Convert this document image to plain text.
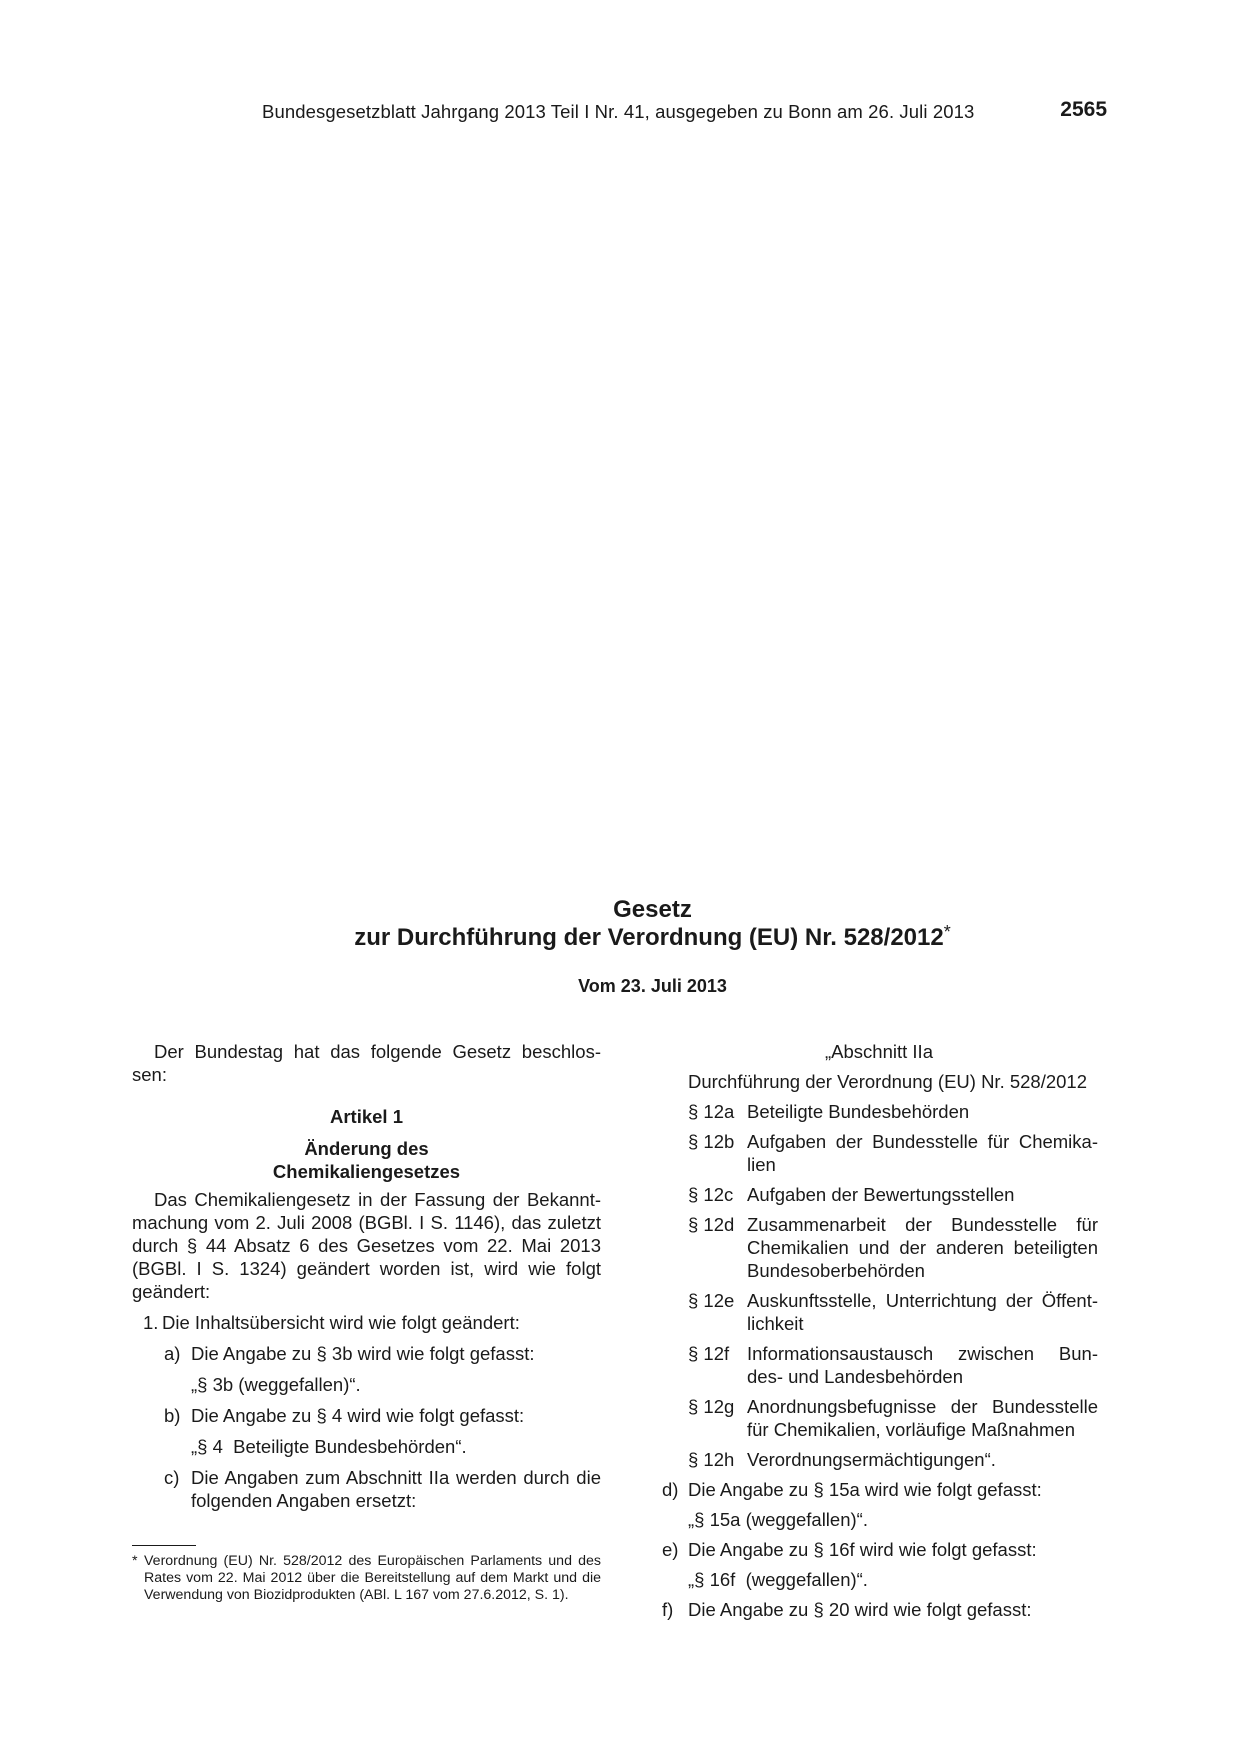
Bundesgesetzblatt Jahrgang 2013 Teil I Nr. 41, ausgegeben zu Bonn am 26. Juli 2013	2565
Gesetz
zur Durchführung der Verordnung (EU) Nr. 528/2012*
Vom 23. Juli 2013

Der Bundestag hat das folgende Gesetz beschlos- sen:

Artikel 1

Änderung des

Chemikaliengesetzes

Das Chemikaliengesetz in der Fassung der Bekannt- machung vom 2. Juli 2008 (BGBl. I S. 1146), das zuletzt durch § 44 Absatz 6 des Gesetzes vom 22. Mai 2013 (BGBl. I S. 1324) geändert worden ist, wird wie folgt geändert:

1. Die Inhaltsübersicht wird wie folgt geändert:
a) Die Angabe zu § 3b wird wie folgt gefasst:
„§ 3b (weggefallen)“.
b) Die Angabe zu § 4 wird wie folgt gefasst:
„§ 4  Beteiligte Bundesbehörden“.
c) Die Angaben zum Abschnitt IIa werden durch die folgenden Angaben ersetzt:

„Abschnitt IIa

Durchführung der Verordnung (EU) Nr. 528/2012

§ 12a Beteiligte Bundesbehörden
§ 12b Aufgaben der Bundesstelle für Chemika- lien
§ 12c Aufgaben der Bewertungsstellen
§ 12d Zusammenarbeit der Bundesstelle für Chemikalien und der anderen beteiligten Bundesoberbehörden
§ 12e Auskunftsstelle, Unterrichtung der Öffent- lichkeit
§ 12f Informationsaustausch zwischen Bun- des- und Landesbehörden
§ 12g Anordnungsbefugnisse der Bundesstelle für Chemikalien, vorläufige Maßnahmen
§ 12h Verordnungsermächtigungen“.
d) Die Angabe zu § 15a wird wie folgt gefasst:
„§ 15a (weggefallen)“.
e) Die Angabe zu § 16f wird wie folgt gefasst:
„§ 16f  (weggefallen)“.
f) Die Angabe zu § 20 wird wie folgt gefasst:
* Verordnung (EU) Nr. 528/2012 des Europäischen Parlaments und des Rates vom 22. Mai 2012 über die Bereitstellung auf dem Markt und die Verwendung von Biozidprodukten (ABl. L 167 vom 27.6.2012, S. 1).
